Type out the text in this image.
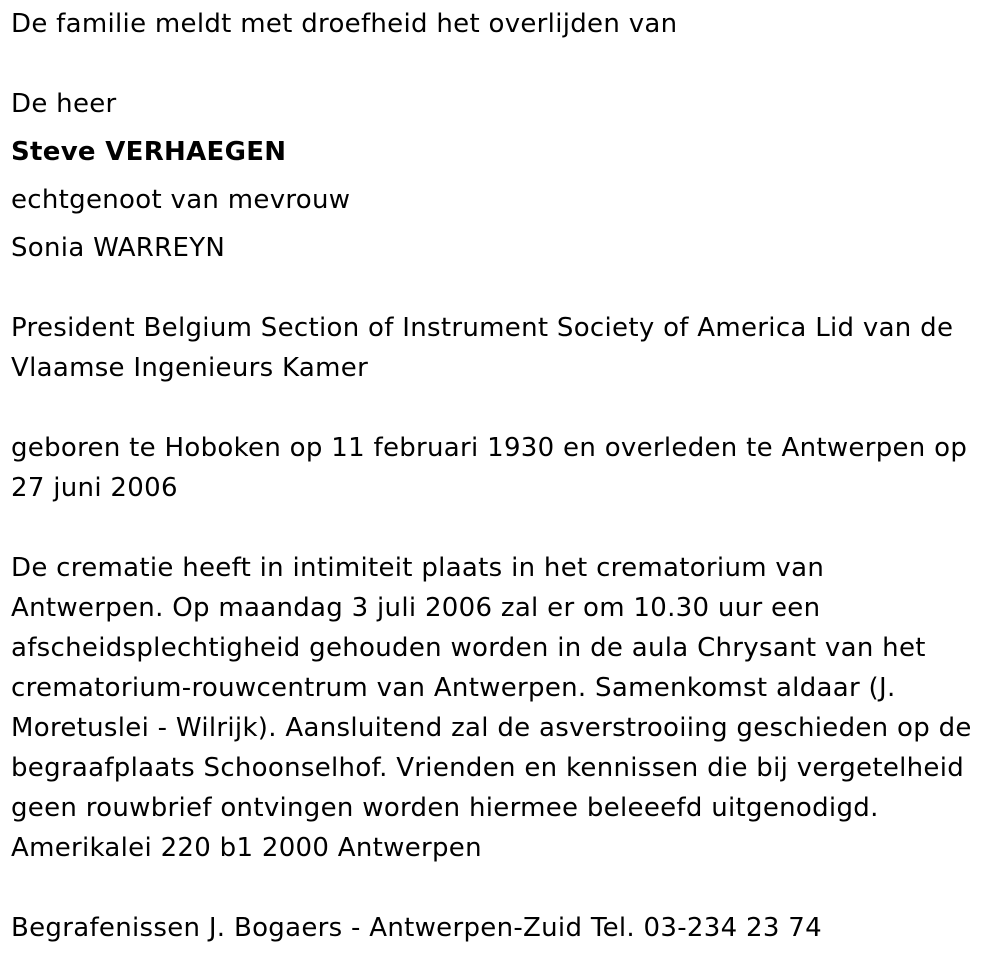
De familie meldt met droefheid het overlijden van

De heer

Steve VERHAEGEN

echtgenoot van mevrouw

Sonia WARREYN

President Belgium Section of Instrument Society of America Lid van de

Vlaamse Ingenieurs Kamer

geboren te Hoboken op 11 februari 1930 en overleden te Antwerpen op

27 juni 2006

De crematie heeft in intimiteit plaats in het crematorium van

Antwerpen. Op maandag 3 juli 2006 zal er om 10.30 uur een

afscheidsplechtigheid gehouden worden in de aula Chrysant van het

crematorium-rouwcentrum van Antwerpen. Samenkomst aldaar (J.

Moretuslei - Wilrijk). Aansluitend zal de asverstrooiing geschieden op de

begraafplaats Schoonselhof. Vrienden en kennissen die bij vergetelheid

geen rouwbrief ontvingen worden hiermee beleeefd uitgenodigd.

Amerikalei 220 b1 2000 Antwerpen

Begrafenissen J. Bogaers - Antwerpen-Zuid Tel. 03-234 23 74
